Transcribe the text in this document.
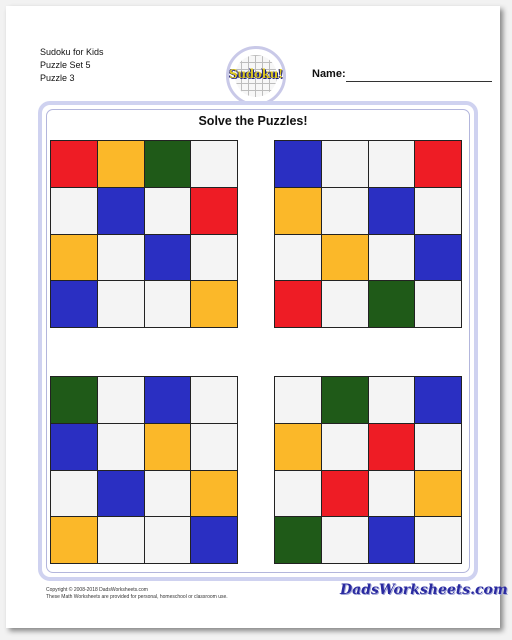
Sudoku for Kids
Puzzle Set 5
Puzzle 3	Sudoku!	Name:
Solve the Puzzles!
Copyright © 2008-2018 DadsWorksheets.com
These Math Worksheets are provided for personal, homeschool or classroom use.	DadsWorksheets.com
